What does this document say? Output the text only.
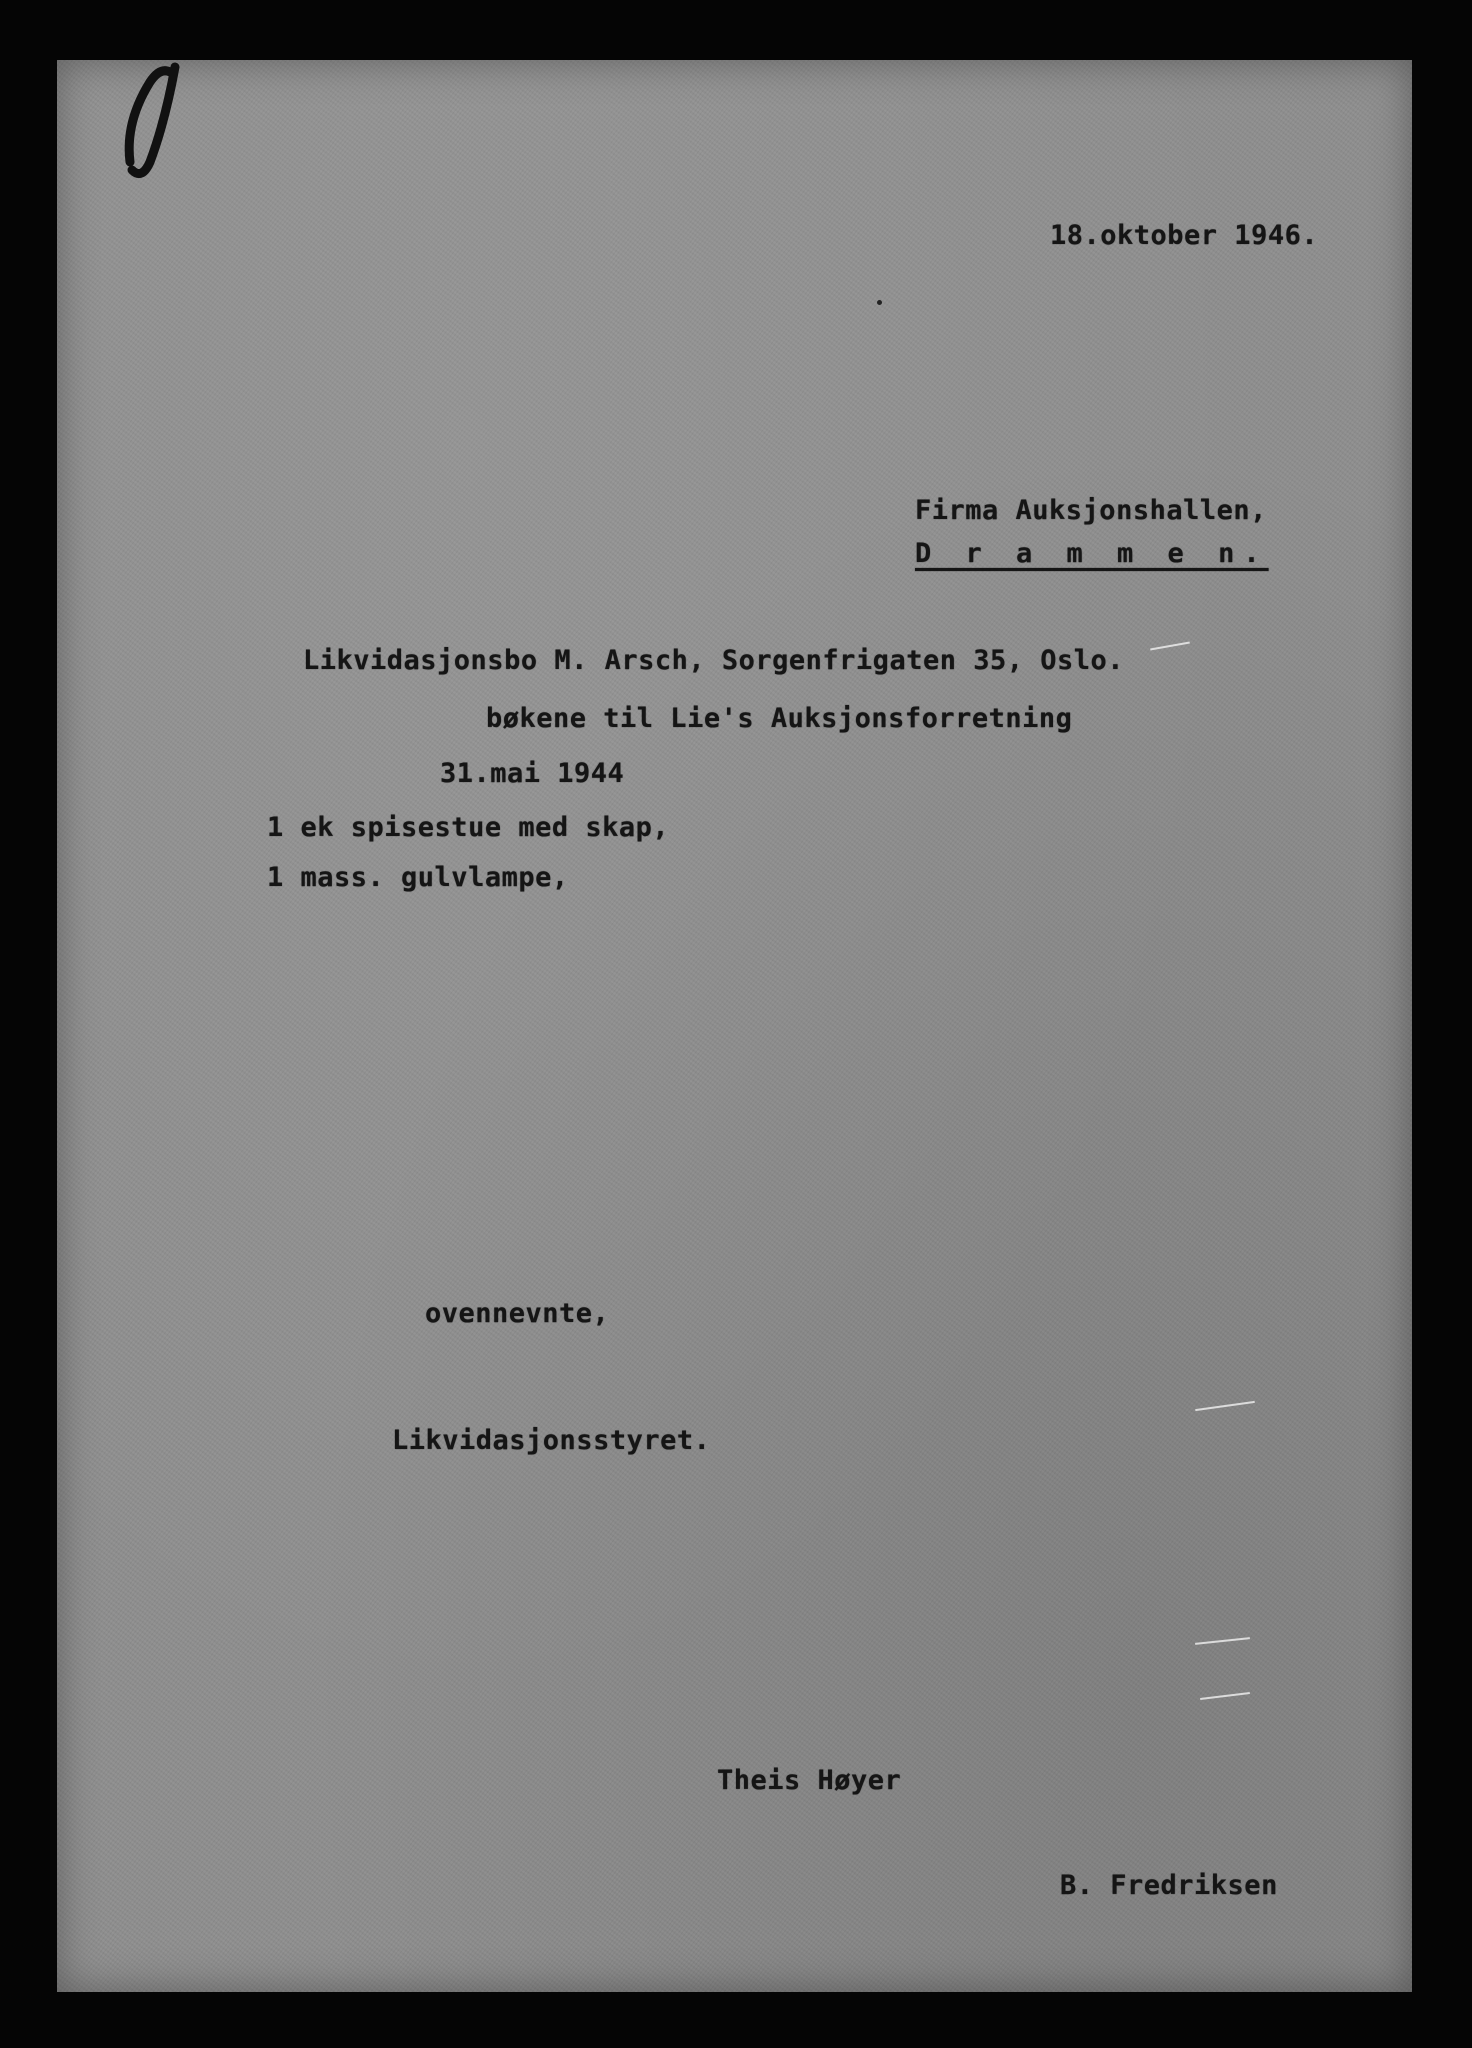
18.oktober 1946.
Firma Auksjonshallen,
D r a m m e n.
Likvidasjonsbo M. Arsch, Sorgenfrigaten 35, Oslo.
bøkene til Lie's Auksjonsforretning
31.mai 1944
1 ek spisestue med skap,
1 mass. gulvlampe,
ovennevnte,
Likvidasjonsstyret.
Theis Høyer
B. Fredriksen
